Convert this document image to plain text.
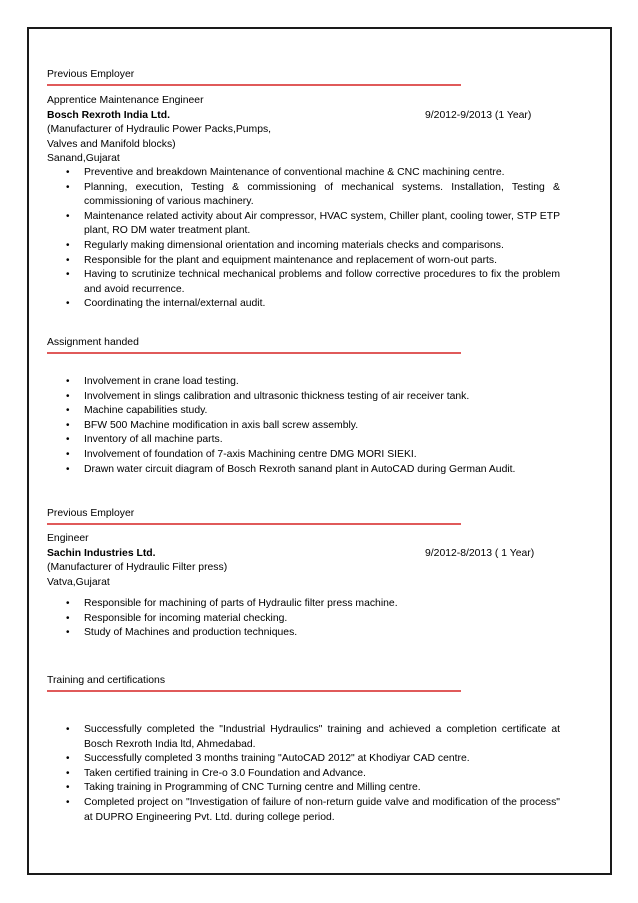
Previous Employer
Apprentice Maintenance Engineer
Bosch Rexroth India Ltd.	9/2012-9/2013 (1 Year)
(Manufacturer of Hydraulic Power Packs,Pumps,
Valves and Manifold blocks)
Sanand,Gujarat
• Preventive and breakdown Maintenance of conventional machine & CNC machining centre.
• Planning, execution, Testing & commissioning of mechanical systems. Installation, Testing & commissioning of various machinery.
• Maintenance related activity about Air compressor, HVAC system, Chiller plant, cooling tower, STP ETP plant, RO DM water treatment plant.
• Regularly making dimensional orientation and incoming materials checks and comparisons.
• Responsible for the plant and equipment maintenance and replacement of worn-out parts.
• Having to scrutinize technical mechanical problems and follow corrective procedures to fix the problem and avoid recurrence.
• Coordinating the internal/external audit.
Assignment handed
• Involvement in crane load testing.
• Involvement in slings calibration and ultrasonic thickness testing of air receiver tank.
• Machine capabilities study.
• BFW 500 Machine modification in axis ball screw assembly.
• Inventory of all machine parts.
• Involvement of foundation of 7-axis Machining centre DMG MORI SIEKI.
• Drawn water circuit diagram of Bosch Rexroth sanand plant in AutoCAD during German Audit.
Previous Employer
Engineer
Sachin Industries Ltd.	9/2012-8/2013 ( 1 Year)
(Manufacturer of Hydraulic Filter press)
Vatva,Gujarat
• Responsible for machining of parts of Hydraulic filter press machine.
• Responsible for incoming material checking.
• Study of Machines and production techniques.
Training and certifications
• Successfully completed the "Industrial Hydraulics" training and achieved a completion certificate at Bosch Rexroth India ltd, Ahmedabad.
• Successfully completed 3 months training "AutoCAD 2012" at Khodiyar CAD centre.
• Taken certified training in Cre-o 3.0 Foundation and Advance.
• Taking training in Programming of CNC Turning centre and Milling centre.
• Completed project on "Investigation of failure of non-return guide valve and modification of the process" at DUPRO Engineering Pvt. Ltd. during college period.
